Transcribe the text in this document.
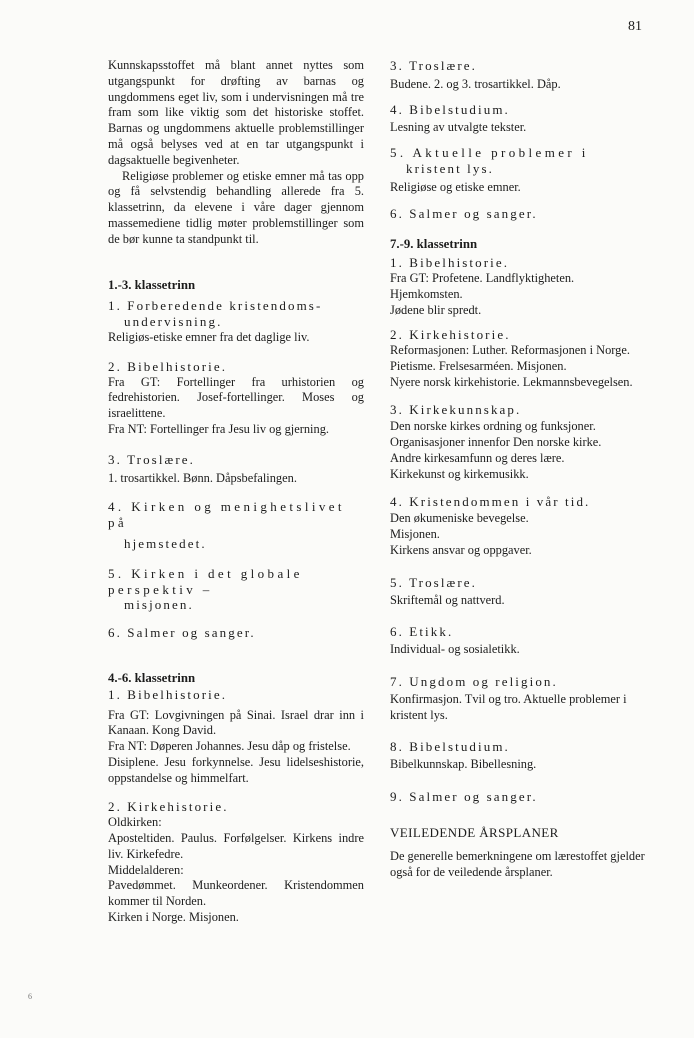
81
6

Kunnskapsstoffet må blant annet nyttes som utgangspunkt for drøfting av barnas og ungdommens eget liv, som i undervisningen må tre fram som like viktig som det historiske stoffet. Barnas og ungdommens aktuelle problemstillinger må også belyses ved at en tar utgangspunkt i dagsaktuelle begivenheter.

Religiøse problemer og etiske emner må tas opp og få selvstendig behandling allerede fra 5. klassetrinn, da elevene i våre dager gjennom massemediene tidlig møter problemstillinger som de bør kunne ta standpunkt til.

1.-3. klassetrinn

1. Forberedende kristendoms-

undervisning.

Religiøs-etiske emner fra det daglige liv.

2. Bibelhistorie.

Fra GT: Fortellinger fra urhistorien og fedrehistorien. Josef-fortellinger. Moses og israelittene.

Fra NT: Fortellinger fra Jesu liv og gjerning.

3. Troslære.

1. trosartikkel. Bønn. Dåpsbefalingen.

4. Kirken og menighetslivet på

hjemstedet.

5. Kirken i det globale perspektiv –

misjonen.

6. Salmer og sanger.

4.-6. klassetrinn

1. Bibelhistorie.

Fra GT: Lovgivningen på Sinai. Israel drar inn i Kanaan. Kong David.

Fra NT: Døperen Johannes. Jesu dåp og fristelse.

Disiplene. Jesu forkynnelse. Jesu lidelseshistorie, oppstandelse og himmelfart.

2. Kirkehistorie.

Oldkirken:

Aposteltiden. Paulus. Forfølgelser. Kirkens indre liv. Kirkefedre.

Middelalderen:

Pavedømmet. Munkeordener. Kristendommen kommer til Norden.

Kirken i Norge. Misjonen.

3. Troslære.

Budene. 2. og 3. trosartikkel. Dåp.

4. Bibelstudium.

Lesning av utvalgte tekster.

5. Aktuelle problemer i

kristent lys.

Religiøse og etiske emner.

6. Salmer og sanger.

7.-9. klassetrinn

1. Bibelhistorie.

Fra GT: Profetene. Landflyktigheten.

Hjemkomsten.

Jødene blir spredt.

2. Kirkehistorie.

Reformasjonen: Luther. Reformasjonen i Norge.

Pietisme. Frelsesarméen. Misjonen.

Nyere norsk kirkehistorie. Lekmannsbevegelsen.

3. Kirkekunnskap.

Den norske kirkes ordning og funksjoner.

Organisasjoner innenfor Den norske kirke.

Andre kirkesamfunn og deres lære.

Kirkekunst og kirkemusikk.

4. Kristendommen i vår tid.

Den økumeniske bevegelse.

Misjonen.

Kirkens ansvar og oppgaver.

5. Troslære.

Skriftemål og nattverd.

6. Etikk.

Individual- og sosialetikk.

7. Ungdom og religion.

Konfirmasjon. Tvil og tro. Aktuelle problemer i kristent lys.

8. Bibelstudium.

Bibelkunnskap. Bibellesning.

9. Salmer og sanger.

VEILEDENDE ÅRSPLANER

De generelle bemerkningene om lærestoffet gjelder også for de veiledende årsplaner.
